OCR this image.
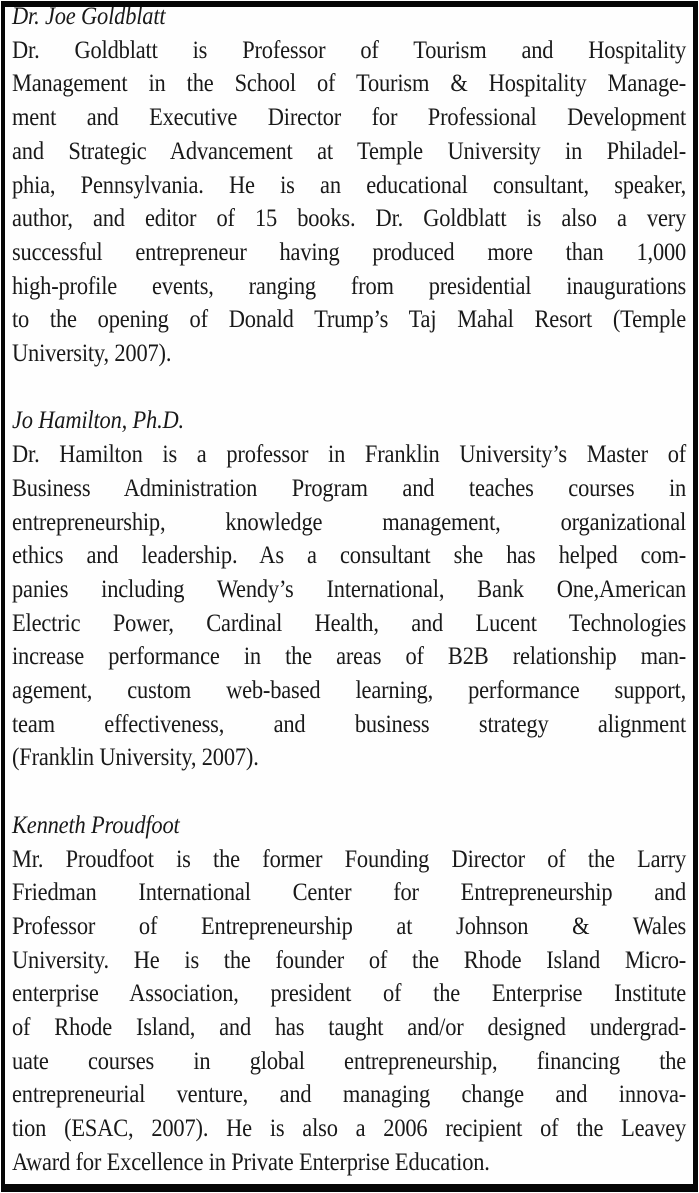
Dr. Joe Goldblatt
Dr. Goldblatt is Professor of Tourism and Hospitality
Management in the School of Tourism & Hospitality Manage-
ment and Executive Director for Professional Development
and Strategic Advancement at Temple University in Philadel-
phia, Pennsylvania. He is an educational consultant, speaker,
author, and editor of 15 books. Dr. Goldblatt is also a very
successful entrepreneur having produced more than 1,000
high-profile events, ranging from presidential inaugurations
to the opening of Donald Trump’s Taj Mahal Resort (Temple
University, 2007).
Jo Hamilton, Ph.D.
Dr. Hamilton is a professor in Franklin University’s Master of
Business Administration Program and teaches courses in
entrepreneurship, knowledge management, organizational
ethics and leadership. As a consultant she has helped com-
panies including Wendy’s International, Bank One,American
Electric Power, Cardinal Health, and Lucent Technologies
increase performance in the areas of B2B relationship man-
agement, custom web-based learning, performance support,
team effectiveness, and business strategy alignment
(Franklin University, 2007).
Kenneth Proudfoot
Mr. Proudfoot is the former Founding Director of the Larry
Friedman International Center for Entrepreneurship and
Professor of Entrepreneurship at Johnson & Wales
University. He is the founder of the Rhode Island Micro-
enterprise Association, president of the Enterprise Institute
of Rhode Island, and has taught and/or designed undergrad-
uate courses in global entrepreneurship, financing the
entrepreneurial venture, and managing change and innova-
tion (ESAC, 2007). He is also a 2006 recipient of the Leavey
Award for Excellence in Private Enterprise Education.
